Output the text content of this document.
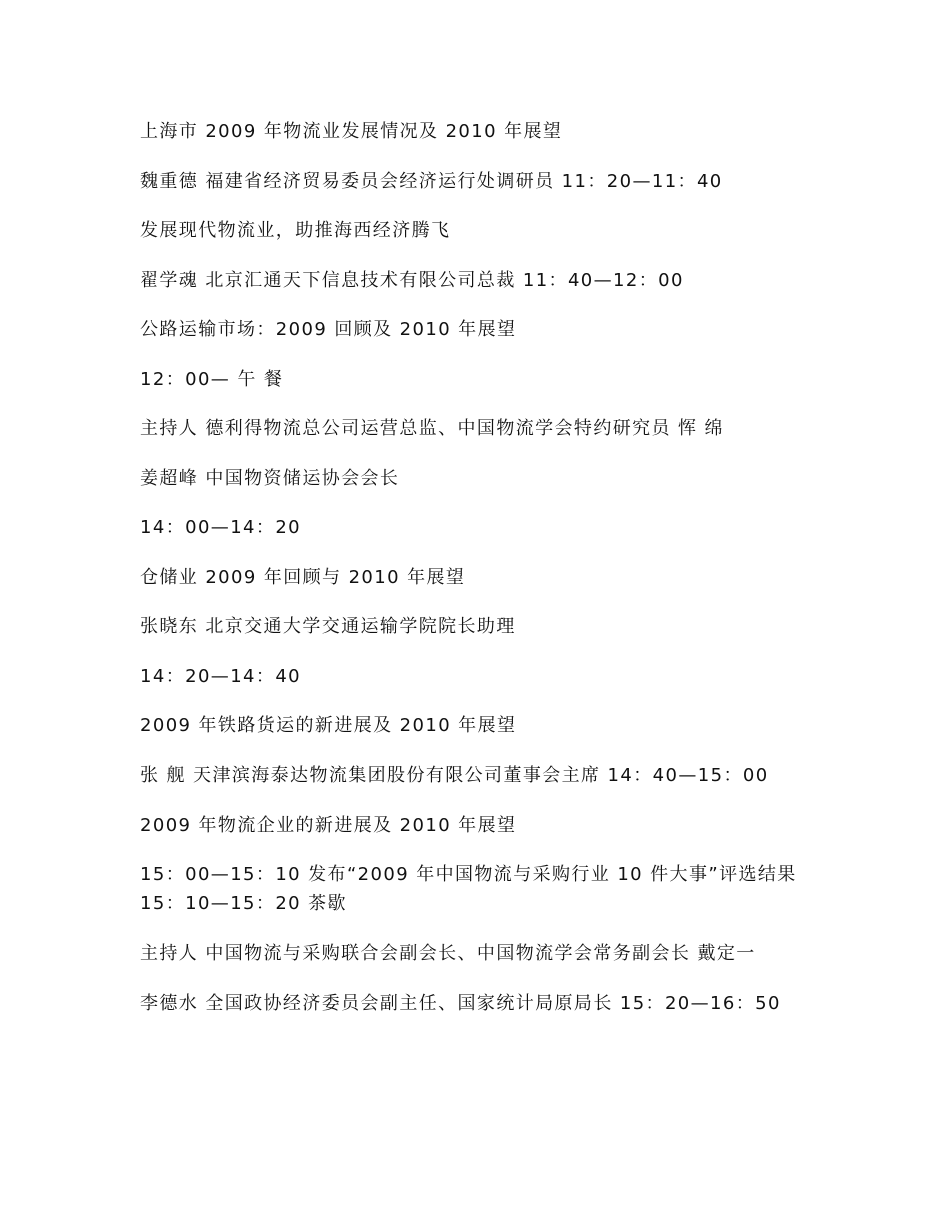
上海市 2009 年物流业发展情况及 2010 年展望

魏重德 福建省经济贸易委员会经济运行处调研员 11：20—11：40

发展现代物流业，助推海西经济腾飞

翟学魂 北京汇通天下信息技术有限公司总裁 11：40—12：00

公路运输市场：2009 回顾及 2010 年展望

12：00— 午 餐

主持人 德利得物流总公司运营总监、中国物流学会特约研究员 恽 绵

姜超峰 中国物资储运协会会长

14：00—14：20

仓储业 2009 年回顾与 2010 年展望

张晓东 北京交通大学交通运输学院院长助理

14：20—14：40

2009 年铁路货运的新进展及 2010 年展望

张 舰 天津滨海泰达物流集团股份有限公司董事会主席 14：40—15：00

2009 年物流企业的新进展及 2010 年展望

15：00—15：10 发布“2009 年中国物流与采购行业 10 件大事”评选结果 15：10—15：20 茶歇

主持人 中国物流与采购联合会副会长、中国物流学会常务副会长 戴定一

李德水 全国政协经济委员会副主任、国家统计局原局长 15：20—16：50
